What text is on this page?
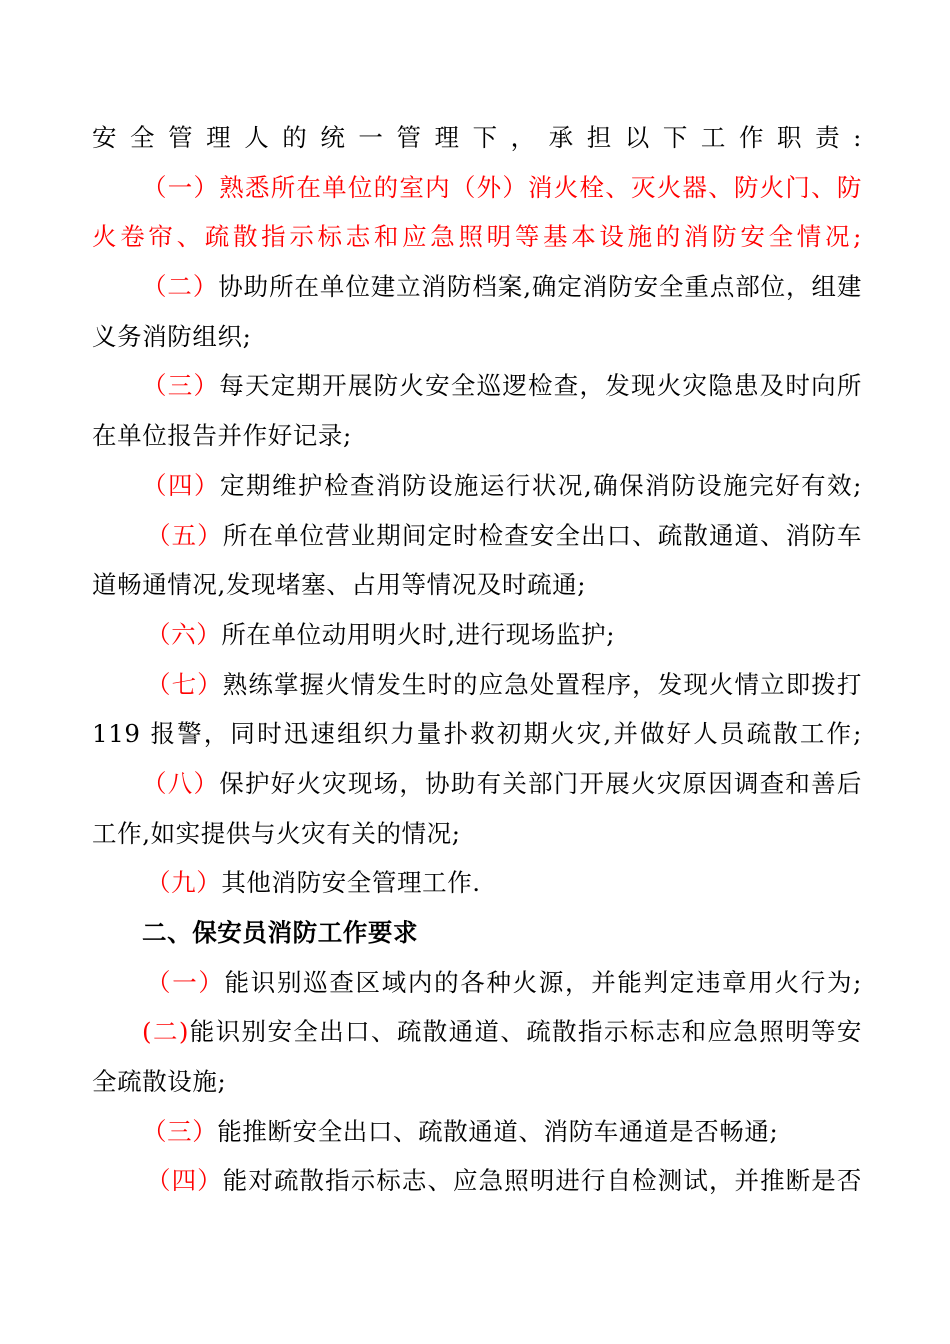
安全管理人的统一管理下，承担以下工作职责:
（一）熟悉所在单位的室内（外）消火栓、灭火器、防火门、防
火卷帘、疏散指示标志和应急照明等基本设施的消防安全情况;
（二）协助所在单位建立消防档案,确定消防安全重点部位，组建
义务消防组织;
（三）每天定期开展防火安全巡逻检查，发现火灾隐患及时向所
在单位报告并作好记录;
（四）定期维护检查消防设施运行状况,确保消防设施完好有效;
（五）所在单位营业期间定时检查安全出口、疏散通道、消防车
道畅通情况,发现堵塞、占用等情况及时疏通;
（六）所在单位动用明火时,进行现场监护;
（七）熟练掌握火情发生时的应急处置程序，发现火情立即拨打
119 报警，同时迅速组织力量扑救初期火灾,并做好人员疏散工作;
（八）保护好火灾现场，协助有关部门开展火灾原因调查和善后
工作,如实提供与火灾有关的情况;
（九）其他消防安全管理工作.
二、保安员消防工作要求
（一）能识别巡查区域内的各种火源，并能判定违章用火行为;
(二)能识别安全出口、疏散通道、疏散指示标志和应急照明等安
全疏散设施;
（三）能推断安全出口、疏散通道、消防车通道是否畅通;
（四）能对疏散指示标志、应急照明进行自检测试，并推断是否
